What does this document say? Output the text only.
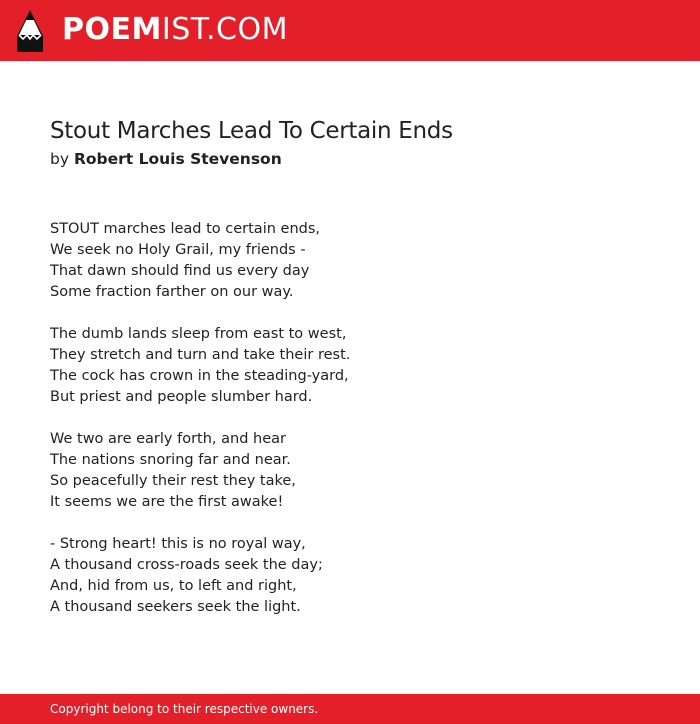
POEMIST.COM
Stout Marches Lead To Certain Ends
by Robert Louis Stevenson
STOUT marches lead to certain ends,
We seek no Holy Grail, my friends -
That dawn should find us every day
Some fraction farther on our way.
The dumb lands sleep from east to west,
They stretch and turn and take their rest.
The cock has crown in the steading-yard,
But priest and people slumber hard.
We two are early forth, and hear
The nations snoring far and near.
So peacefully their rest they take,
It seems we are the first awake!
- Strong heart! this is no royal way,
A thousand cross-roads seek the day;
And, hid from us, to left and right,
A thousand seekers seek the light.
Copyright belong to their respective owners.
